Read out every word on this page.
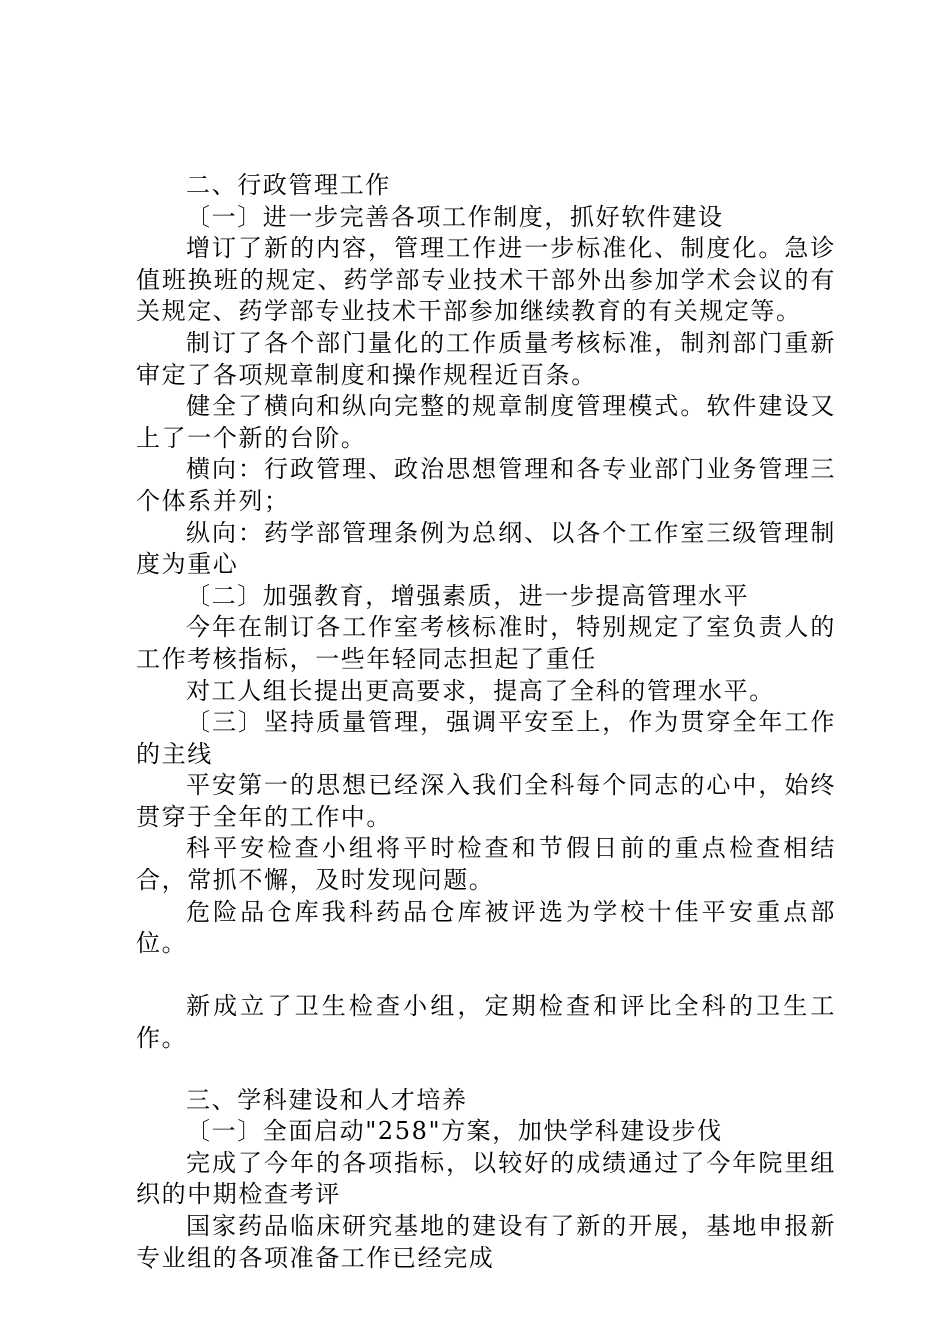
二、行政管理工作

〔一〕进一步完善各项工作制度，抓好软件建设

增订了新的内容，管理工作进一步标准化、制度化。急诊值班换班的规定、药学部专业技术干部外出参加学术会议的有关规定、药学部专业技术干部参加继续教育的有关规定等。

制订了各个部门量化的工作质量考核标准，制剂部门重新审定了各项规章制度和操作规程近百条。

健全了横向和纵向完整的规章制度管理模式。软件建设又上了一个新的台阶。

横向：行政管理、政治思想管理和各专业部门业务管理三个体系并列；

纵向：药学部管理条例为总纲、以各个工作室三级管理制度为重心

〔二〕加强教育，增强素质，进一步提高管理水平

今年在制订各工作室考核标准时，特别规定了室负责人的工作考核指标，一些年轻同志担起了重任

对工人组长提出更高要求，提高了全科的管理水平。

〔三〕坚持质量管理，强调平安至上，作为贯穿全年工作的主线

平安第一的思想已经深入我们全科每个同志的心中，始终贯穿于全年的工作中。

科平安检查小组将平时检查和节假日前的重点检查相结合，常抓不懈，及时发现问题。

危险品仓库我科药品仓库被评选为学校十佳平安重点部位。

新成立了卫生检查小组，定期检查和评比全科的卫生工作。

三、学科建设和人才培养

〔一〕全面启动"258"方案，加快学科建设步伐

完成了今年的各项指标，以较好的成绩通过了今年院里组织的中期检查考评

国家药品临床研究基地的建设有了新的开展，基地申报新专业组的各项准备工作已经完成
